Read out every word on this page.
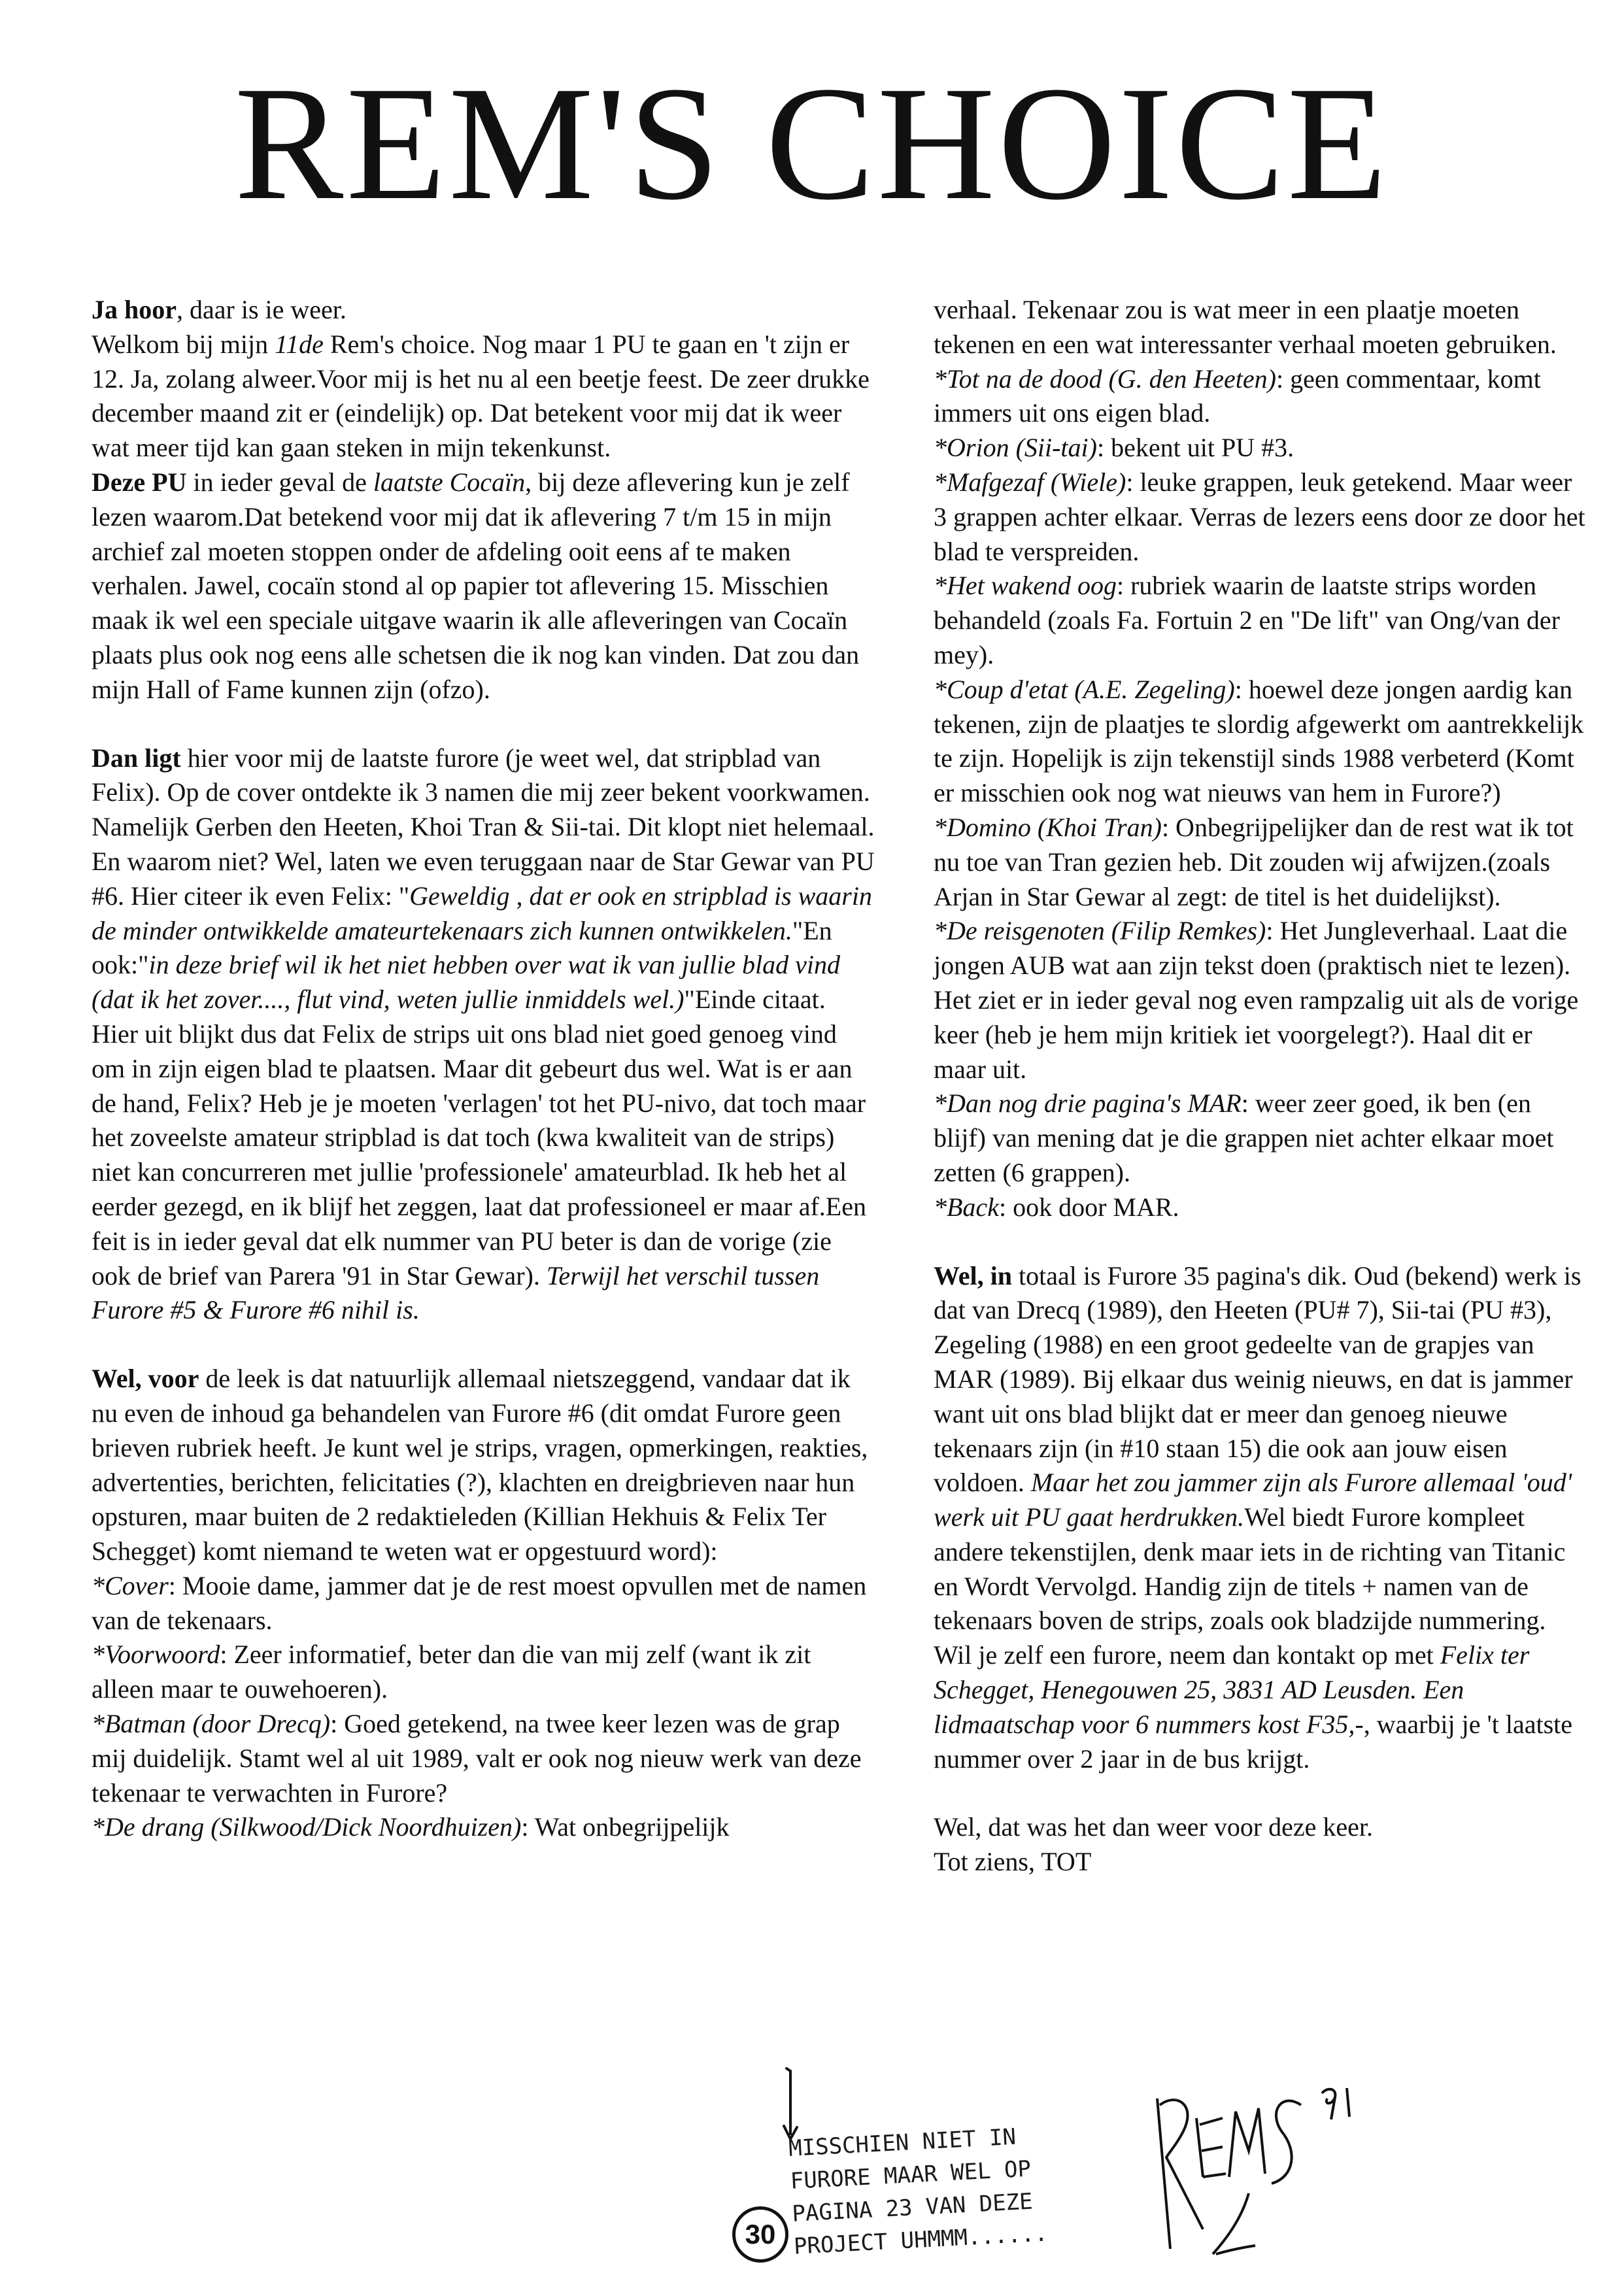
REM'S CHOICE

Ja hoor, daar is ie weer.
Welkom bij mijn 11de Rem's choice. Nog maar 1 PU te gaan en 't zijn er 12. Ja, zolang alweer.Voor mij is het nu al een beetje feest. De zeer drukke december maand zit er (eindelijk) op. Dat betekent voor mij dat ik weer wat meer tijd kan gaan steken in mijn tekenkunst.

Deze PU in ieder geval de laatste Cocaïn, bij deze aflevering kun je zelf lezen waarom.Dat betekend voor mij dat ik aflevering 7 t/m 15 in mijn archief zal moeten stoppen onder de afdeling ooit eens af te maken verhalen. Jawel, cocaïn stond al op papier tot aflevering 15. Misschien maak ik wel een speciale uitgave waarin ik alle afleveringen van Cocaïn plaats plus ook nog eens alle schetsen die ik nog kan vinden. Dat zou dan mijn Hall of Fame kunnen zijn (ofzo).

Dan ligt hier voor mij de laatste furore (je weet wel, dat stripblad van Felix). Op de cover ontdekte ik 3 namen die mij zeer bekent voorkwamen. Namelijk Gerben den Heeten, Khoi Tran & Sii-tai. Dit klopt niet helemaal. En waarom niet? Wel, laten we even teruggaan naar de Star Gewar van PU #6. Hier citeer ik even Felix: "Geweldig , dat er ook en stripblad is waarin de minder ontwikkelde amateurtekenaars zich kunnen ontwikkelen."En ook:"in deze brief wil ik het niet hebben over wat ik van jullie blad vind (dat ik het zover...., flut vind, weten jullie inmiddels wel.)"Einde citaat. Hier uit blijkt dus dat Felix de strips uit ons blad niet goed genoeg vind om in zijn eigen blad te plaatsen. Maar dit gebeurt dus wel. Wat is er aan de hand, Felix? Heb je je moeten 'verlagen' tot het PU-nivo, dat toch maar het zoveelste amateur stripblad is dat toch (kwa kwaliteit van de strips) niet kan concurreren met jullie 'professionele' amateurblad. Ik heb het al eerder gezegd, en ik blijf het zeggen, laat dat professioneel er maar af.Een feit is in ieder geval dat elk nummer van PU beter is dan de vorige (zie ook de brief van Parera '91 in Star Gewar). Terwijl het verschil tussen Furore #5 & Furore #6 nihil is.

Wel, voor de leek is dat natuurlijk allemaal nietszeggend, vandaar dat ik nu even de inhoud ga behandelen van Furore #6 (dit omdat Furore geen brieven rubriek heeft. Je kunt wel je strips, vragen, opmerkingen, reakties, advertenties, berichten, felicitaties (?), klachten en dreigbrieven naar hun opsturen, maar buiten de 2 redaktieleden (Killian Hekhuis & Felix Ter Schegget) komt niemand te weten wat er opgestuurd word):

*Cover: Mooie dame, jammer dat je de rest moest opvullen met de namen van de tekenaars.

*Voorwoord: Zeer informatief, beter dan die van mij zelf (want ik zit alleen maar te ouwehoeren).

*Batman (door Drecq): Goed getekend, na twee keer lezen was de grap mij duidelijk. Stamt wel al uit 1989, valt er ook nog nieuw werk van deze tekenaar te verwachten in Furore?

*De drang (Silkwood/Dick Noordhuizen): Wat onbegrijpelijk

verhaal. Tekenaar zou is wat meer in een plaatje moeten tekenen en een wat interessanter verhaal moeten gebruiken.

*Tot na de dood (G. den Heeten): geen commentaar, komt immers uit ons eigen blad.

*Orion (Sii-tai): bekent uit PU #3.

*Mafgezaf (Wiele): leuke grappen, leuk getekend. Maar weer 3 grappen achter elkaar. Verras de lezers eens door ze door het blad te verspreiden.

*Het wakend oog: rubriek waarin de laatste strips worden behandeld (zoals Fa. Fortuin 2 en "De lift" van Ong/van der mey).

*Coup d'etat (A.E. Zegeling): hoewel deze jongen aardig kan tekenen, zijn de plaatjes te slordig afgewerkt om aantrekkelijk te zijn. Hopelijk is zijn tekenstijl sinds 1988 verbeterd (Komt er misschien ook nog wat nieuws van hem in Furore?)

*Domino (Khoi Tran): Onbegrijpelijker dan de rest wat ik tot nu toe van Tran gezien heb. Dit zouden wij afwijzen.(zoals Arjan in Star Gewar al zegt: de titel is het duidelijkst).

*De reisgenoten (Filip Remkes): Het Jungleverhaal. Laat die jongen AUB wat aan zijn tekst doen (praktisch niet te lezen). Het ziet er in ieder geval nog even rampzalig uit als de vorige keer (heb je hem mijn kritiek iet voorgelegt?). Haal dit er maar uit.

*Dan nog drie pagina's MAR: weer zeer goed, ik ben (en blijf) van mening dat je die grappen niet achter elkaar moet zetten (6 grappen).

*Back: ook door MAR.

Wel, in totaal is Furore 35 pagina's dik. Oud (bekend) werk is dat van Drecq (1989), den Heeten (PU# 7), Sii-tai (PU #3), Zegeling (1988) en een groot gedeelte van de grapjes van MAR (1989). Bij elkaar dus weinig nieuws, en dat is jammer want uit ons blad blijkt dat er meer dan genoeg nieuwe tekenaars zijn (in #10 staan 15) die ook aan jouw eisen voldoen. Maar het zou jammer zijn als Furore allemaal 'oud' werk uit PU gaat herdrukken.Wel biedt Furore kompleet andere tekenstijlen, denk maar iets in de richting van Titanic en Wordt Vervolgd. Handig zijn de titels + namen van de tekenaars boven de strips, zoals ook bladzijde nummering. Wil je zelf een furore, neem dan kontakt op met Felix ter Schegget, Henegouwen 25, 3831 AD Leusden. Een lidmaatschap voor 6 nummers kost F35,-, waarbij je 't laatste nummer over 2 jaar in de bus krijgt.

Wel, dat was het dan weer voor deze keer.

Tot ziens, TOT

MISSCHIEN NIET IN
FURORE MAAR WEL OP
PAGINA 23 VAN DEZE
PROJECT UHMMM......
30
